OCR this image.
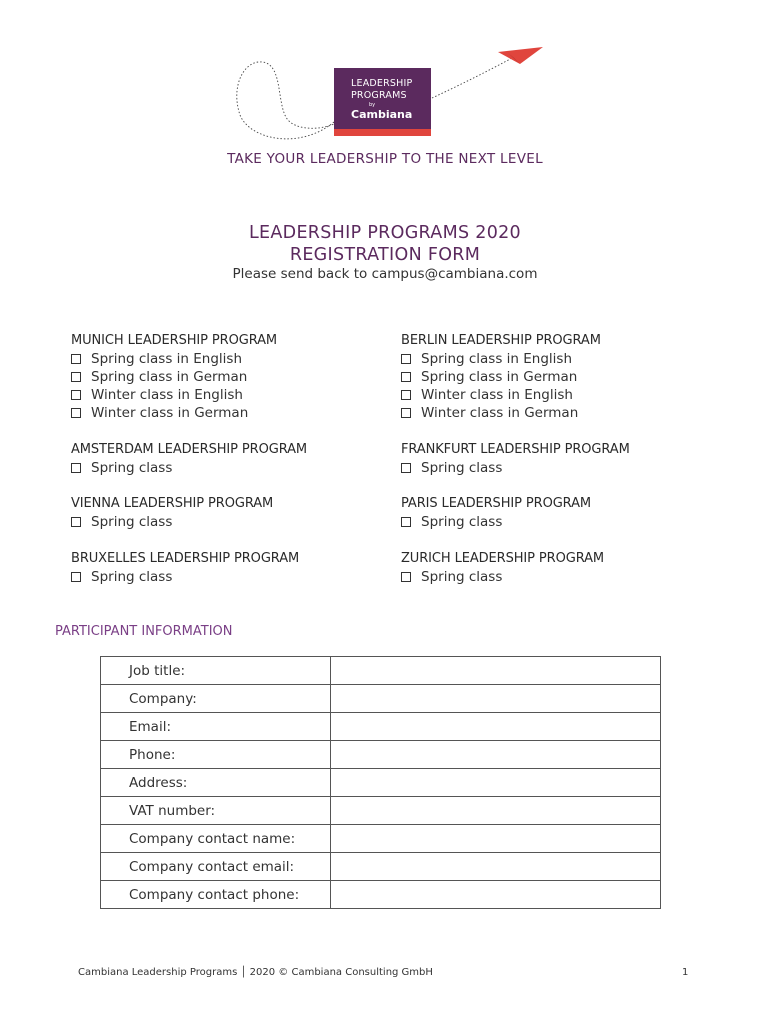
LEADERSHIP
PROGRAMS
by
Cambiana
TAKE YOUR LEADERSHIP TO THE NEXT LEVEL
LEADERSHIP PROGRAMS 2020
REGISTRATION FORM
Please send back to campus@cambiana.com
MUNICH LEADERSHIP PROGRAM
Spring class in English
Spring class in German
Winter class in English
Winter class in German
BERLIN LEADERSHIP PROGRAM
Spring class in English
Spring class in German
Winter class in English
Winter class in German
AMSTERDAM LEADERSHIP PROGRAM
Spring class
FRANKFURT LEADERSHIP PROGRAM
Spring class
VIENNA LEADERSHIP PROGRAM
Spring class
PARIS LEADERSHIP PROGRAM
Spring class
BRUXELLES LEADERSHIP PROGRAM
Spring class
ZURICH LEADERSHIP PROGRAM
Spring class
PARTICIPANT INFORMATION
Job title:	
Company:	
Email:	
Phone:	
Address:	
VAT number:	
Company contact name:	
Company contact email:	
Company contact phone:	
Cambiana Leadership Programs │ 2020 © Cambiana Consulting GmbH	1
